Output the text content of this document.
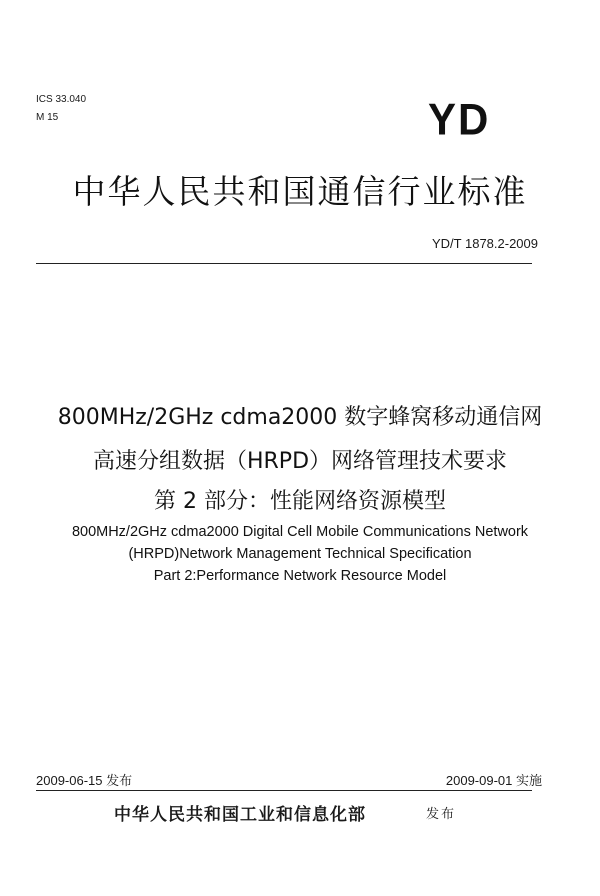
ICS 33.040
M 15	YD
中华人民共和国通信行业标准
YD/T 1878.2-2009
800MHz/2GHz cdma2000 数字蜂窝移动通信网
高速分组数据（HRPD）网络管理技术要求
第 2 部分：性能网络资源模型
800MHz/2GHz cdma2000 Digital Cell Mobile Communications Network
(HRPD)Network Management Technical Specification
Part 2:Performance Network Resource Model
2009-06-15 发布	2009-09-01 实施
中华人民共和国工业和信息化部	发布
